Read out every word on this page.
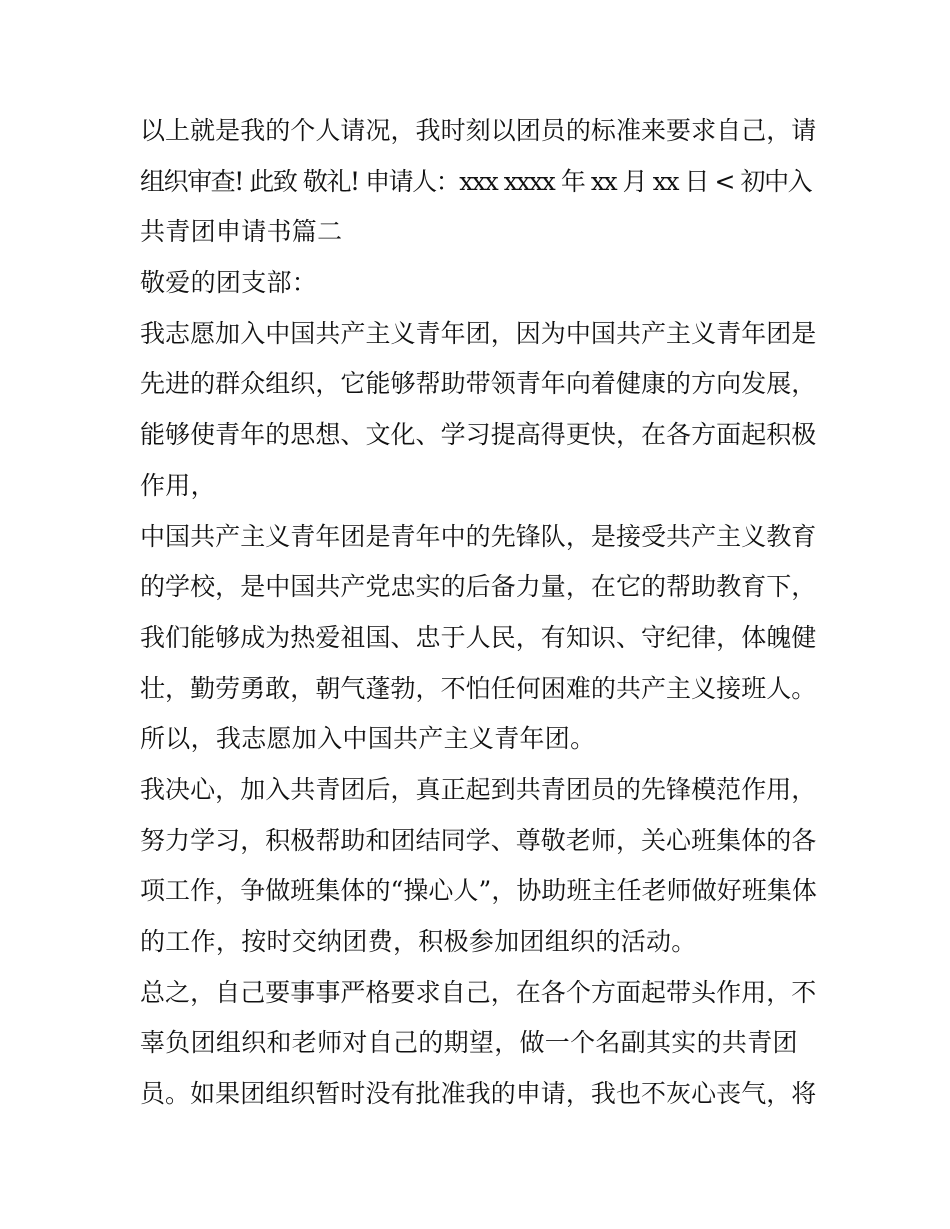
以上就是我的个人请况，我时刻以团员的标准来要求自己，请
组织审查! 此致 敬礼! 申请人：xxx xxxx 年 xx 月 xx 日 < 初中入
共青团申请书篇二
敬爱的团支部：
我志愿加入中国共产主义青年团，因为中国共产主义青年团是
先进的群众组织，它能够帮助带领青年向着健康的方向发展，
能够使青年的思想、文化、学习提高得更快，在各方面起积极
作用，
中国共产主义青年团是青年中的先锋队，是接受共产主义教育
的学校，是中国共产党忠实的后备力量，在它的帮助教育下，
我们能够成为热爱祖国、忠于人民，有知识、守纪律，体魄健
壮，勤劳勇敢，朝气蓬勃，不怕任何困难的共产主义接班人。
所以，我志愿加入中国共产主义青年团。
我决心，加入共青团后，真正起到共青团员的先锋模范作用，
努力学习，积极帮助和团结同学、尊敬老师，关心班集体的各
项工作，争做班集体的“操心人”，协助班主任老师做好班集体
的工作，按时交纳团费，积极参加团组织的活动。
总之，自己要事事严格要求自己，在各个方面起带头作用，不
辜负团组织和老师对自己的期望，做一个名副其实的共青团
员。如果团组织暂时没有批准我的申请，我也不灰心丧气，将
